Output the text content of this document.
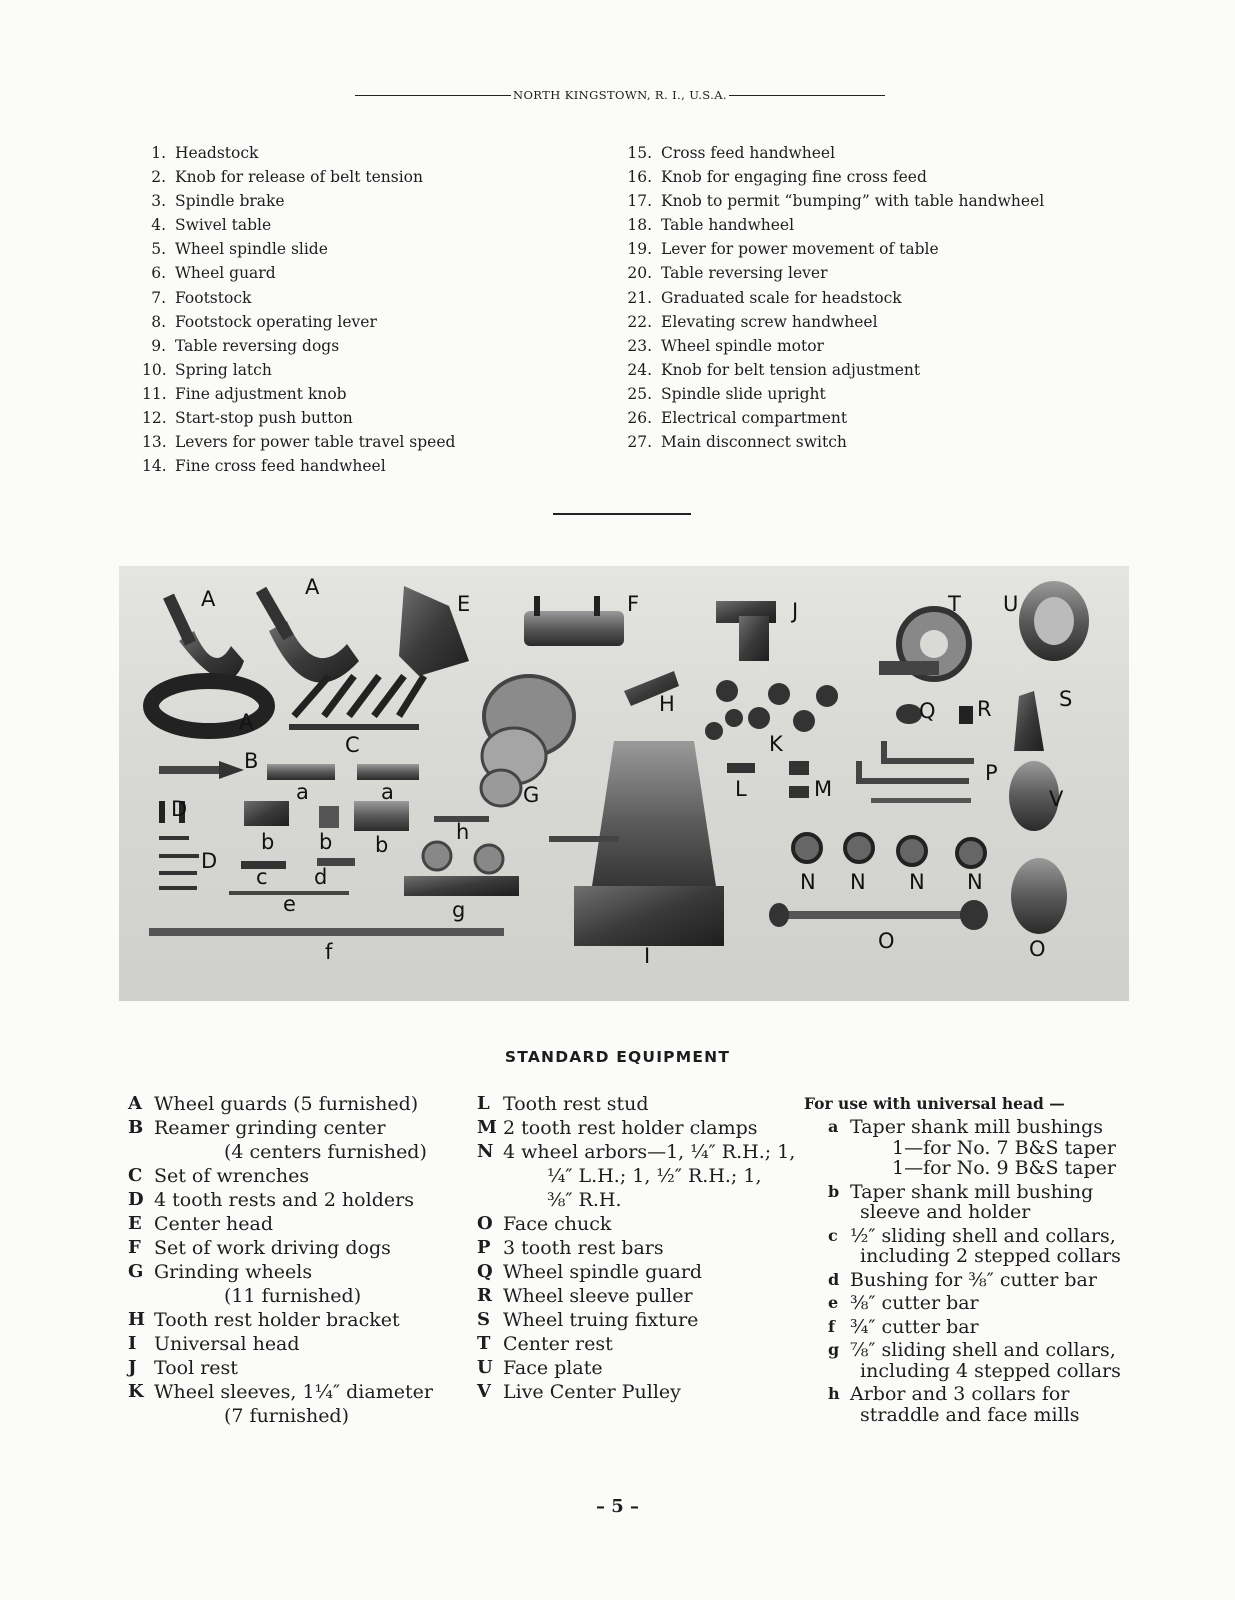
NORTH KINGSTOWN, R. I., U.S.A.
1. Headstock
2. Knob for release of belt tension
3. Spindle brake
4. Swivel table
5. Wheel spindle slide
6. Wheel guard
7. Footstock
8. Footstock operating lever
9. Table reversing dogs
10. Spring latch
11. Fine adjustment knob
12. Start-stop push button
13. Levers for power table travel speed
14. Fine cross feed handwheel
15. Cross feed handwheel
16. Knob for engaging fine cross feed
17. Knob to permit “bumping” with table handwheel
18. Table handwheel
19. Lever for power movement of table
20. Table reversing lever
21. Graduated scale for headstock
22. Elevating screw handwheel
23. Wheel spindle motor
24. Knob for belt tension adjustment
25. Spindle slide upright
26. Electrical compartment
27. Main disconnect switch
A	A
E	F	J	T U
A
B
C
H
K
Q R	S
P
a	a
D
D
b b b
h
G	L	M	V
c d
e	g
N N N N
f	I
O	O
STANDARD EQUIPMENT
A Wheel guards (5 furnished)
B Reamer grinding center
(4 centers furnished)
C Set of wrenches
D 4 tooth rests and 2 holders
E Center head
F Set of work driving dogs
G Grinding wheels
(11 furnished)
H Tooth rest holder bracket
I Universal head
J Tool rest
K Wheel sleeves, 1¼″ diameter
(7 furnished)
L Tooth rest stud
M 2 tooth rest holder clamps
N 4 wheel arbors—1, ¼″ R.H.; 1,
¼″ L.H.; 1, ½″ R.H.; 1,
⅜″ R.H.
O Face chuck
P 3 tooth rest bars
Q Wheel spindle guard
R Wheel sleeve puller
S Wheel truing fixture
T Center rest
U Face plate
V Live Center Pulley
For use with universal head —
a Taper shank mill bushings
1—for No. 7 B&S taper
1—for No. 9 B&S taper
b Taper shank mill bushing
sleeve and holder
c ½″ sliding shell and collars,
including 2 stepped collars
d Bushing for ⅜″ cutter bar
e ⅜″ cutter bar
f ¾″ cutter bar
g ⅞″ sliding shell and collars,
including 4 stepped collars
h Arbor and 3 collars for
straddle and face mills
– 5 –
